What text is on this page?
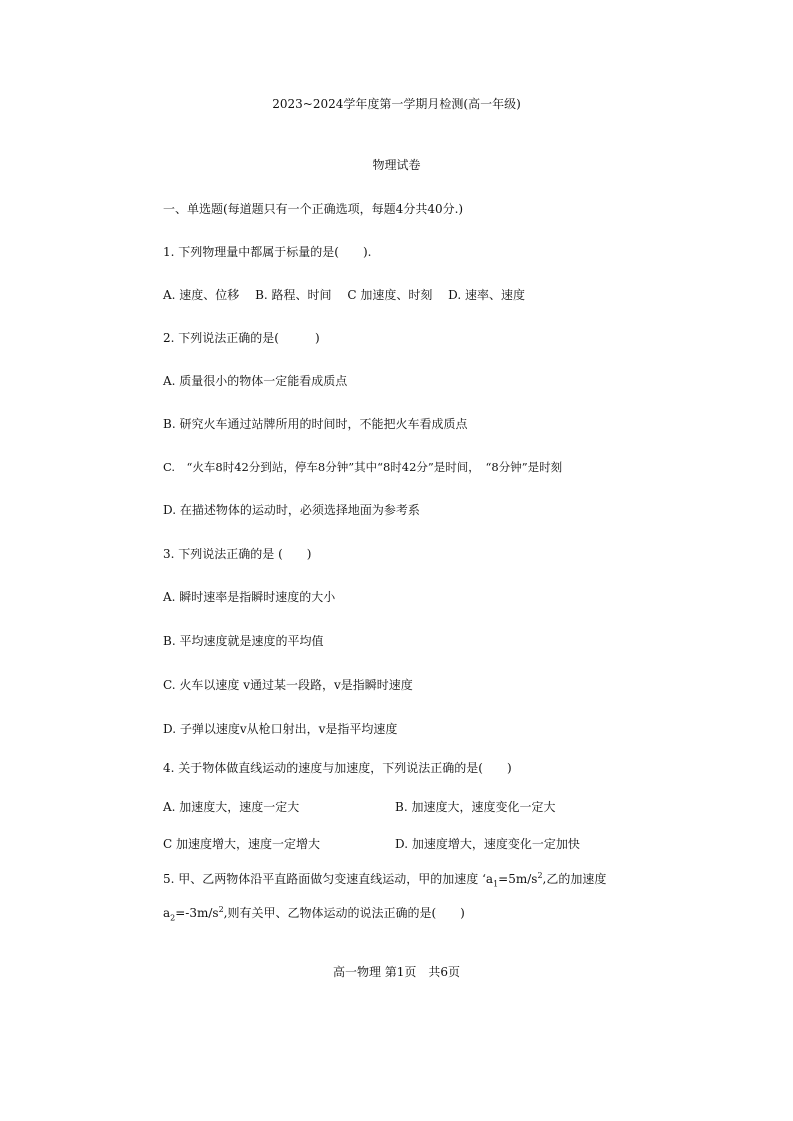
2023~2024学年度第一学期月检测(高一年级)
物理试卷
一、单选题(每道题只有一个正确选项，每题4分共40分.)
1. 下列物理量中都属于标量的是(　　).
A. 速度、位移　 B. 路程、时间　 C 加速度、时刻　 D. 速率、速度
2. 下列说法正确的是(　　　)
A. 质量很小的物体一定能看成质点
B. 研究火车通过站牌所用的时间时，不能把火车看成质点
C.　“火车8时42分到站，停车8分钟”其中“8时42分”是时间，　“8分钟”是时刻
D. 在描述物体的运动时，必须选择地面为参考系
3. 下列说法正确的是 (　　)
A. 瞬时速率是指瞬时速度的大小
B. 平均速度就是速度的平均值
C. 火车以速度 v通过某一段路，v是指瞬时速度
D. 子弹以速度v从枪口射出，v是指平均速度
4. 关于物体做直线运动的速度与加速度，下列说法正确的是(　　)
A. 加速度大，速度一定大	B. 加速度大，速度变化一定大
C 加速度增大，速度一定增大	D. 加速度增大，速度变化一定加快
5. 甲、乙两物体沿平直路面做匀变速直线运动，甲的加速度 ‘$a_1=5m/s^2$,乙的加速度
$a_2=-3m/s^2$,则有关甲、乙物体运动的说法正确的是(　　)
高一物理 第1页　共6页
